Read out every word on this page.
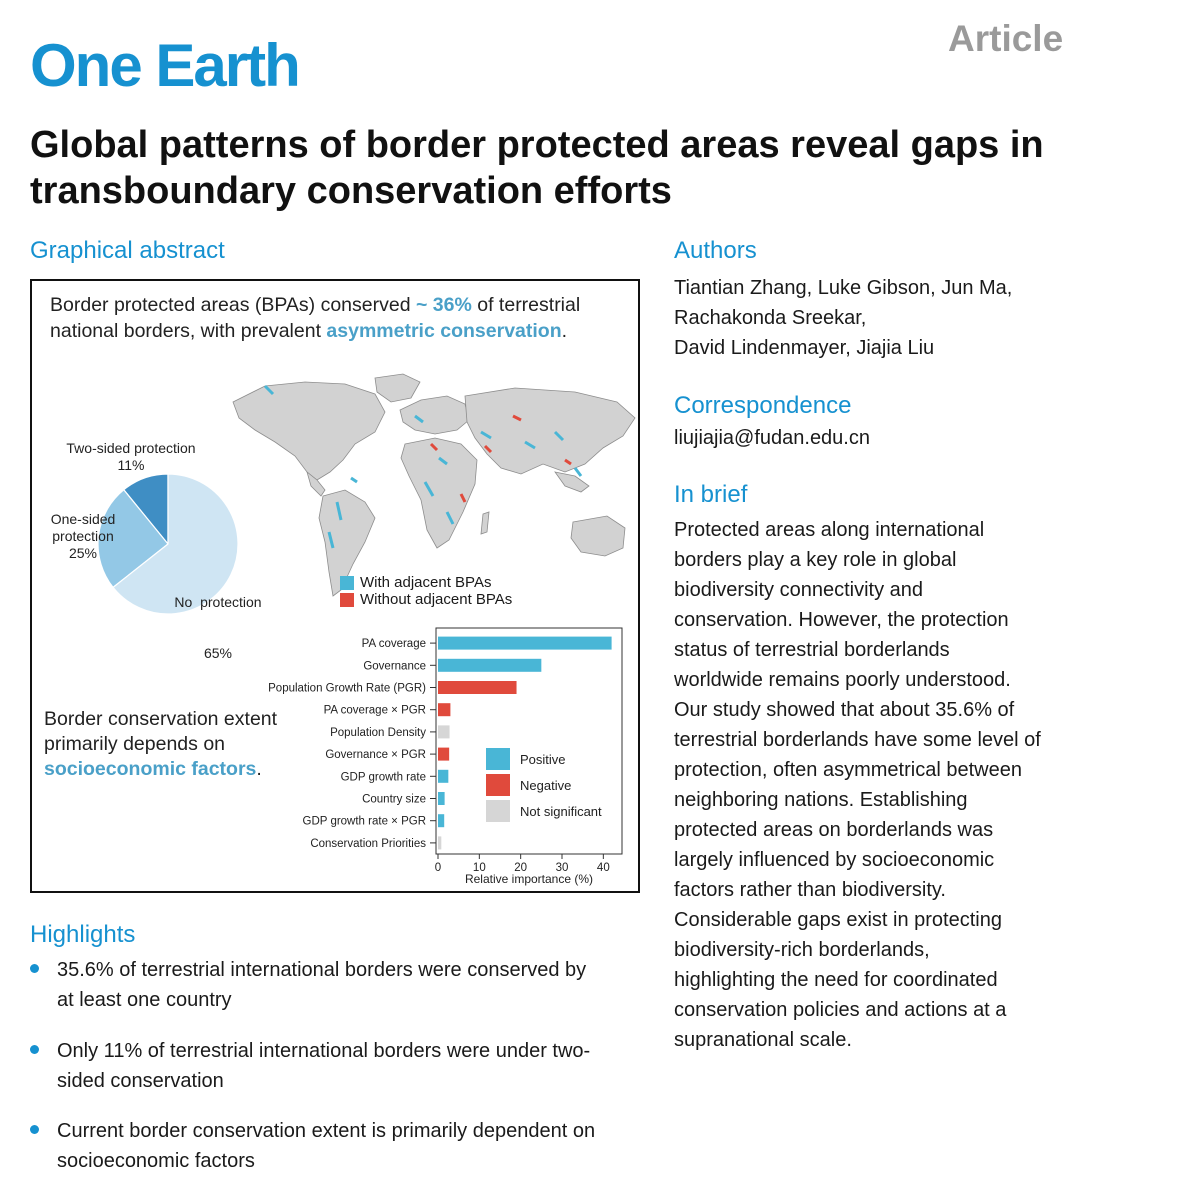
One Earth	Article
Global patterns of border protected areas reveal gaps in transboundary conservation efforts
Graphical abstract
Border protected areas (BPAs) conserved ~ 36% of terrestrial national borders, with prevalent asymmetric conservation.
With adjacent BPAs
Without adjacent BPAs
Two-sided protection
11%
One-sided
protection
25%

No  protection

65%

Border conservation extent primarily depends on socioeconomic factors.
PA coverage
Governance
Population Growth Rate (PGR)
PA coverage × PGR
Population Density
Governance × PGR
GDP growth rate
Country size
GDP growth rate × PGR
Conservation Priorities
0	10 20 30 40
Positive
Negative
Not significant
Relative importance (%)
Authors
Tiantian Zhang, Luke Gibson, Jun Ma,
Rachakonda Sreekar,
David Lindenmayer, Jiajia Liu
Correspondence
liujiajia@fudan.edu.cn
In brief
Protected areas along international
borders play a key role in global
biodiversity connectivity and
conservation. However, the protection
status of terrestrial borderlands
worldwide remains poorly understood.
Our study showed that about 35.6% of
terrestrial borderlands have some level of
protection, often asymmetrical between
neighboring nations. Establishing
protected areas on borderlands was
largely influenced by socioeconomic
factors rather than biodiversity.
Considerable gaps exist in protecting
biodiversity-rich borderlands,
highlighting the need for coordinated
conservation policies and actions at a
supranational scale.
Highlights
35.6% of terrestrial international borders were conserved by
at least one country
Only 11% of terrestrial international borders were under two-
sided conservation
Current border conservation extent is primarily dependent on
socioeconomic factors
